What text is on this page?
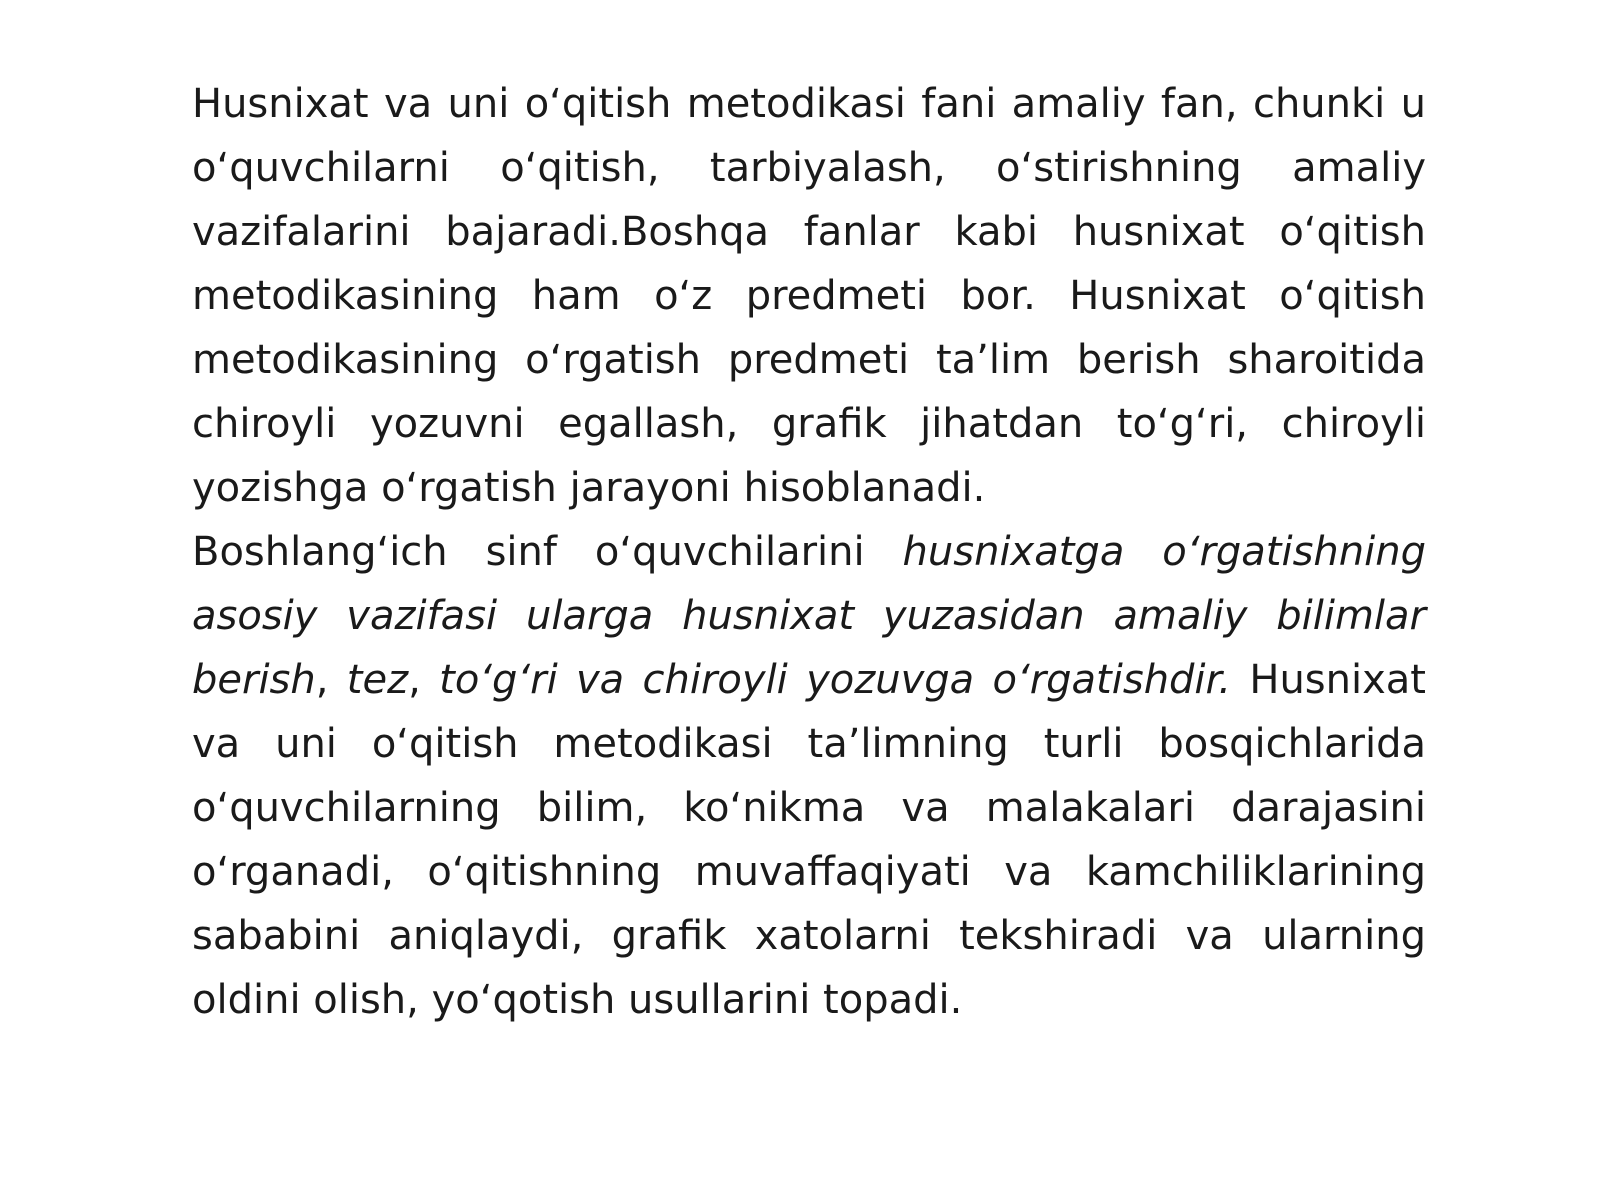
Husnixat va uni o‘qitish metodikasi fani amaliy fan, chunki u o‘quvchilarni o‘qitish, tarbiyalash, o‘stirishning amaliy vazifalarini bajaradi.Boshqa fanlar kabi husnixat o‘qitish metodikasining ham o‘z predmeti bor. Husnixat o‘qitish metodikasining o‘rgatish predmeti ta’lim berish sharoitida chiroyli yozuvni egallash, grafik jihatdan to‘g‘ri, chiroyli yozishga o‘rgatish jarayoni hisoblanadi.

Boshlang‘ich sinf o‘quvchilarini husnixatga o‘rgatishning asosiy vazifasi ularga husnixat yuzasidan amaliy bilimlar berish, tez, to‘g‘ri va chiroyli yozuvga o‘rgatishdir. Husnixat va uni o‘qitish metodikasi ta’limning turli bosqichlarida o‘quvchilarning bilim, ko‘nikma va malakalari darajasini o‘rganadi, o‘qitishning muvaffaqiyati va kamchiliklarining sababini aniqlaydi, grafik xatolarni tekshiradi va ularning oldini olish, yo‘qotish usullarini topadi.
